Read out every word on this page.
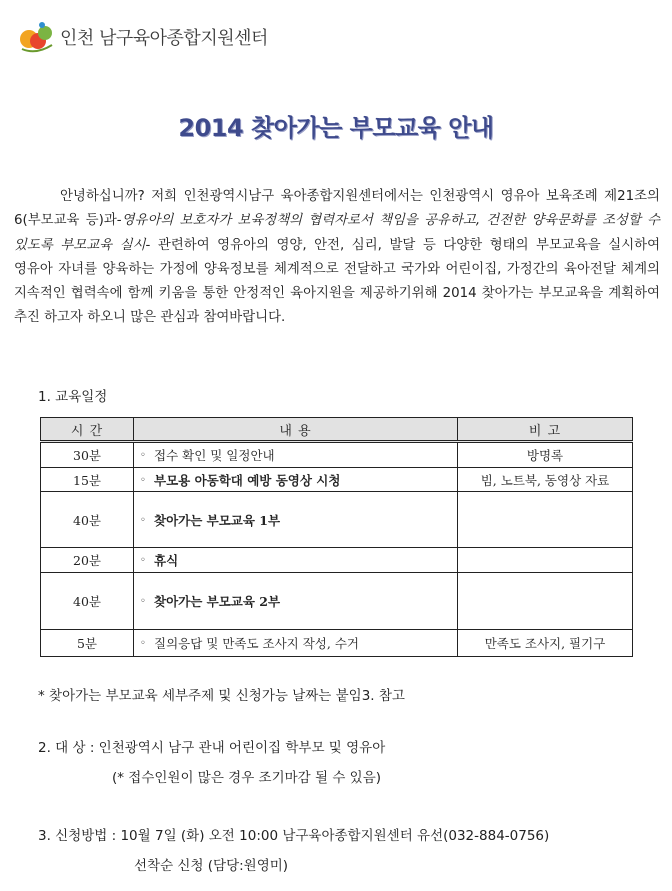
인천 남구육아종합지원센터
2014 찾아가는 부모교육 안내
안녕하십니까? 저희 인천광역시남구 육아종합지원센터에서는 인천광역시 영유아 보육조례 제21조의 6(부모교육 등)과-영유아의 보호자가 보육정책의 협력자로서 책임을 공유하고, 건전한 양육문화를 조성할 수 있도록 부모교육 실시- 관련하여 영유아의 영양, 안전, 심리, 발달 등 다양한 형태의 부모교육을 실시하여 영유아 자녀를 양육하는 가정에 양육정보를 체계적으로 전달하고 국가와 어린이집, 가정간의 육아전달 체계의 지속적인 협력속에 함께 키움을 통한 안정적인 육아지원을 제공하기위해 2014 찾아가는 부모교육을 계획하여 추진 하고자 하오니 많은 관심과 참여바랍니다.
1. 교육일정
시 간	내 용	비 고
30분	◦ 접수 확인 및 일정안내	방명록
15분	◦ 부모용 아동학대 예방 동영상 시청	빔, 노트북, 동영상 자료
40분	◦ 찾아가는 부모교육 1부	
20분	◦ 휴식	
40분	◦ 찾아가는 부모교육 2부	
5분	◦ 질의응답 및 만족도 조사지 작성, 수거	만족도 조사지, 필기구
* 찾아가는 부모교육 세부주제 및 신청가능 날짜는 붙임3. 참고
2. 대 상 : 인천광역시 남구 관내 어린이집 학부모 및 영유아
(* 접수인원이 많은 경우 조기마감 될 수 있음)
3. 신청방법 : 10월 7일 (화) 오전 10:00 남구육아종합지원센터 유선(032-884-0756)
선착순 신청 (담당:원영미)
